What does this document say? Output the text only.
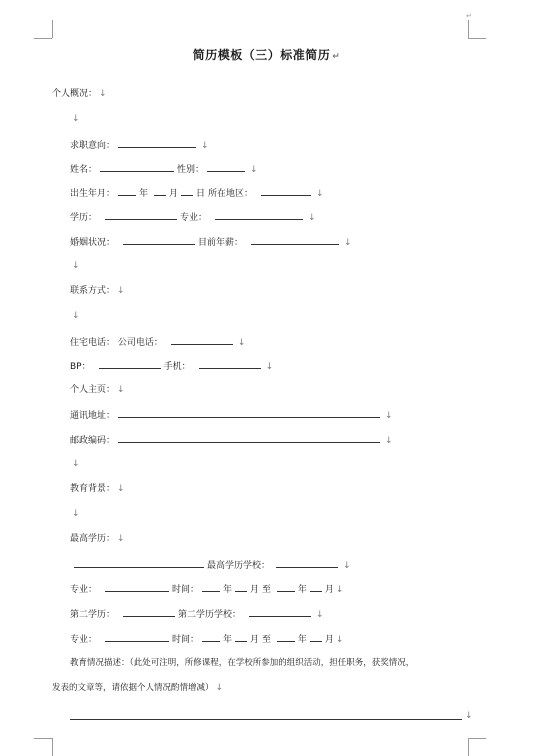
↵
简历模板（三）标准简历 ↵
个人概况： ↓
↓
求职意向：	↓
姓名：	性别：	↓
出生年月：	年 月 日 所在地区：	↓
学历：	专业：	↓
婚姻状况：	目前年薪：	↓
↓
联系方式： ↓
↓
住宅电话： 公司电话：	↓
BP：	手机：	↓
个人主页： ↓
通讯地址：	↓
邮政编码：	↓
↓
教育背景： ↓
↓
最高学历： ↓
最高学历学校：	↓
专业：	时间：	年 月 至	年 月 ↓
第二学历：	第二学历学校：	↓
专业：	时间：	年 月 至	年 月 ↓
教育情况描述：（此处可注明，所修课程，在学校所参加的组织活动，担任职务，获奖情况，
发表的文章等，请依据个人情况酌情增减） ↓
↓
